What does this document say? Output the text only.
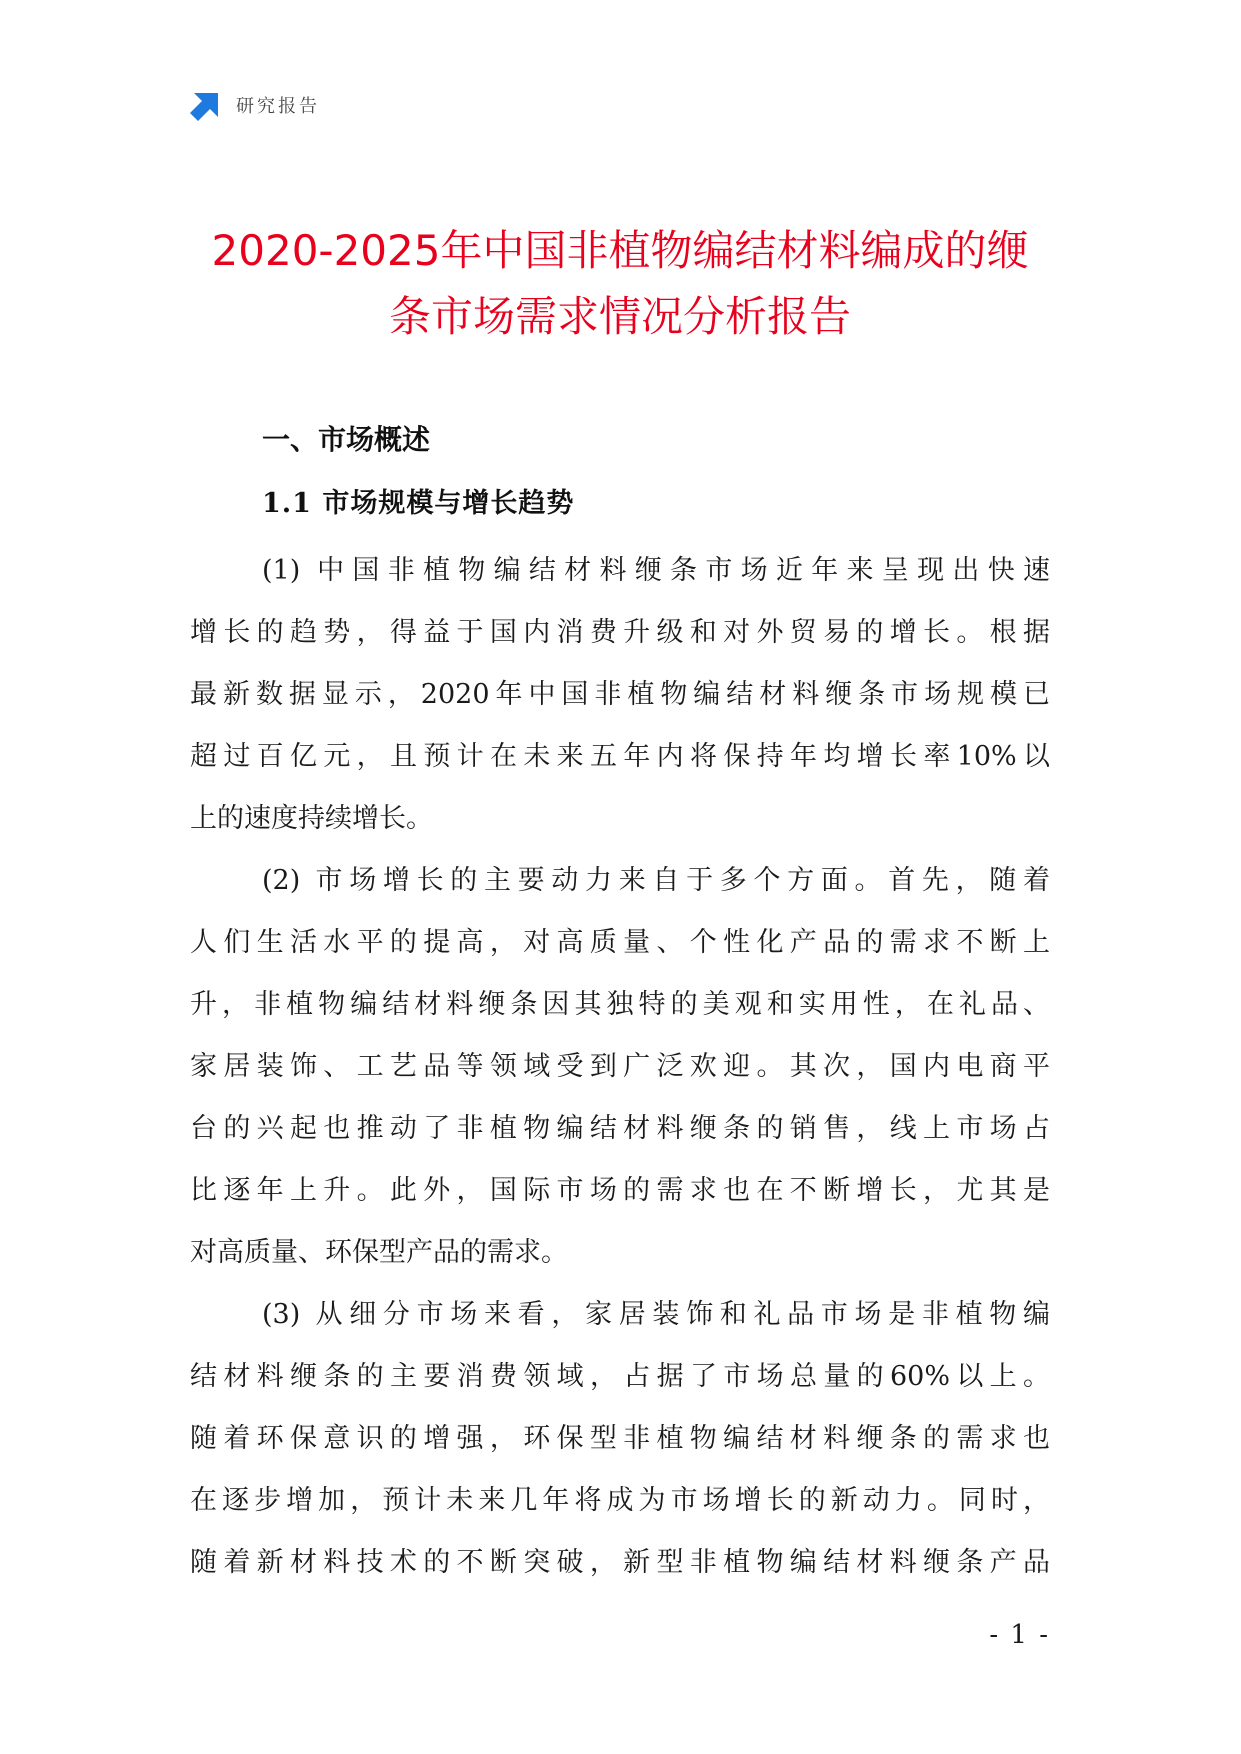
研究报告
2020-2025年中国非植物编结材料编成的缏
条市场需求情况分析报告
一、市场概述
1.1 市场规模与增长趋势

(1) 中国非植物编结材料缏条市场近年来呈现出快速
增长的趋势，得益于国内消费升级和对外贸易的增长。根据
最新数据显示，2020年中国非植物编结材料缏条市场规模已
超过百亿元，且预计在未来五年内将保持年均增长率10%以
上的速度持续增长。

(2) 市场增长的主要动力来自于多个方面。首先，随着
人们生活水平的提高，对高质量、个性化产品的需求不断上
升，非植物编结材料缏条因其独特的美观和实用性，在礼品、
家居装饰、工艺品等领域受到广泛欢迎。其次，国内电商平
台的兴起也推动了非植物编结材料缏条的销售，线上市场占
比逐年上升。此外，国际市场的需求也在不断增长，尤其是
对高质量、环保型产品的需求。

(3) 从细分市场来看，家居装饰和礼品市场是非植物编
结材料缏条的主要消费领域，占据了市场总量的60%以上。
随着环保意识的增强，环保型非植物编结材料缏条的需求也
在逐步增加，预计未来几年将成为市场增长的新动力。同时，
随着新材料技术的不断突破，新型非植物编结材料缏条产品

- 1 -
